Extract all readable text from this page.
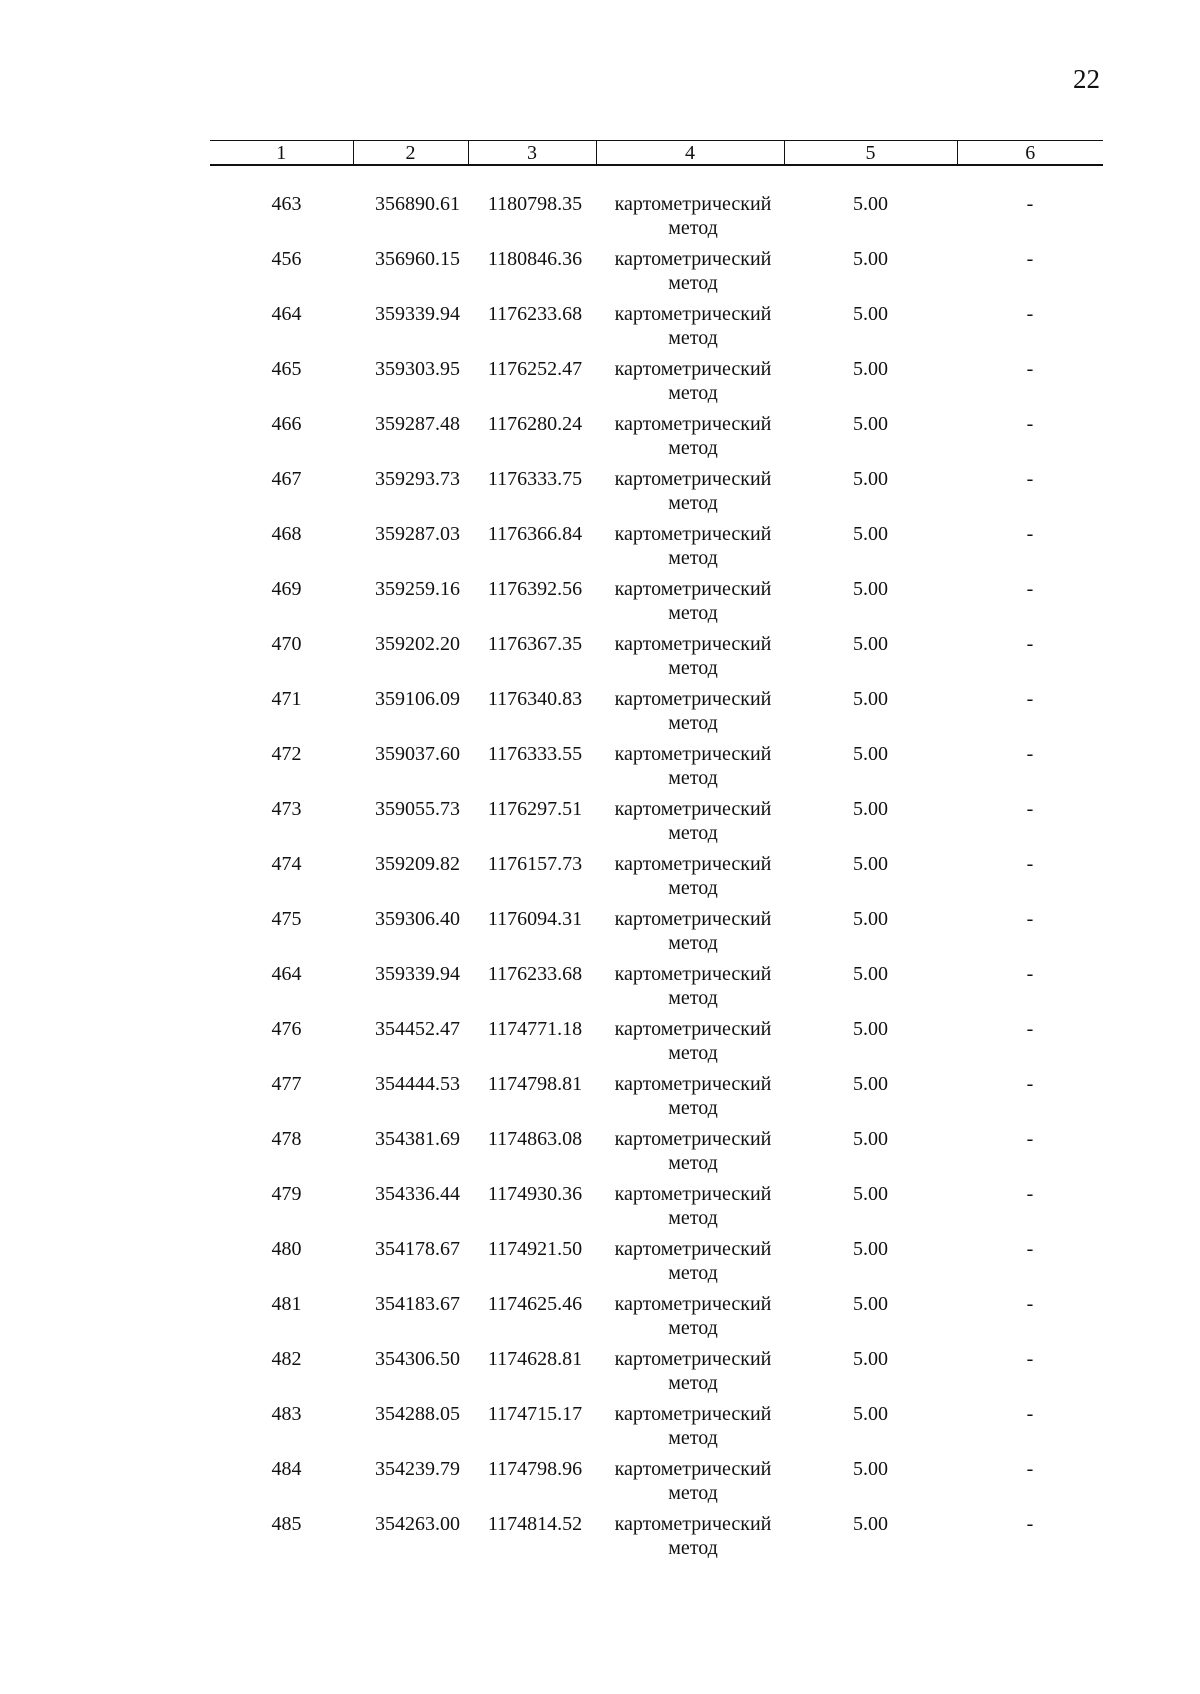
22
1	2	3	4	5	6

463	356890.61	1180798.35	картометрический
метод	5.00	-
456	356960.15	1180846.36	картометрический
метод	5.00	-
464	359339.94	1176233.68	картометрический
метод	5.00	-
465	359303.95	1176252.47	картометрический
метод	5.00	-
466	359287.48	1176280.24	картометрический
метод	5.00	-
467	359293.73	1176333.75	картометрический
метод	5.00	-
468	359287.03	1176366.84	картометрический
метод	5.00	-
469	359259.16	1176392.56	картометрический
метод	5.00	-
470	359202.20	1176367.35	картометрический
метод	5.00	-
471	359106.09	1176340.83	картометрический
метод	5.00	-
472	359037.60	1176333.55	картометрический
метод	5.00	-
473	359055.73	1176297.51	картометрический
метод	5.00	-
474	359209.82	1176157.73	картометрический
метод	5.00	-
475	359306.40	1176094.31	картометрический
метод	5.00	-
464	359339.94	1176233.68	картометрический
метод	5.00	-
476	354452.47	1174771.18	картометрический
метод	5.00	-
477	354444.53	1174798.81	картометрический
метод	5.00	-
478	354381.69	1174863.08	картометрический
метод	5.00	-
479	354336.44	1174930.36	картометрический
метод	5.00	-
480	354178.67	1174921.50	картометрический
метод	5.00	-
481	354183.67	1174625.46	картометрический
метод	5.00	-
482	354306.50	1174628.81	картометрический
метод	5.00	-
483	354288.05	1174715.17	картометрический
метод	5.00	-
484	354239.79	1174798.96	картометрический
метод	5.00	-
485	354263.00	1174814.52	картометрический
метод	5.00	-
